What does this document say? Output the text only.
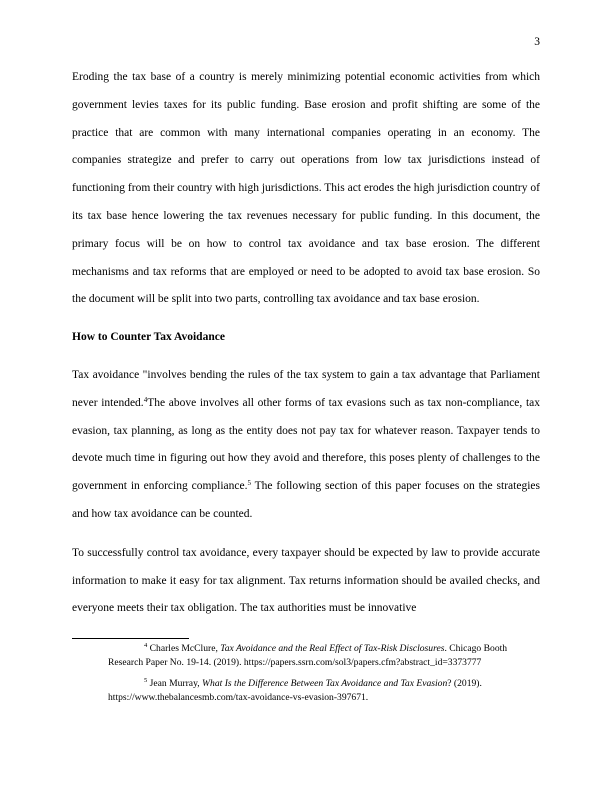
3

Eroding the tax base of a country is merely minimizing potential economic activities from which government levies taxes for its public funding. Base erosion and profit shifting are some of the practice that are common with many international companies operating in an economy. The companies strategize and prefer to carry out operations from low tax jurisdictions instead of functioning from their country with high jurisdictions. This act erodes the high jurisdiction country of its tax base hence lowering the tax revenues necessary for public funding. In this document, the primary focus will be on how to control tax avoidance and tax base erosion. The different mechanisms and tax reforms that are employed or need to be adopted to avoid tax base erosion. So the document will be split into two parts, controlling tax avoidance and tax base erosion.

How to Counter Tax Avoidance

Tax avoidance "involves bending the rules of the tax system to gain a tax advantage that Parliament never intended.$^4$The above involves all other forms of tax evasions such as tax non-compliance, tax evasion, tax planning, as long as the entity does not pay tax for whatever reason. Taxpayer tends to devote much time in figuring out how they avoid and therefore, this poses plenty of challenges to the government in enforcing compliance.$^5$ The following section of this paper focuses on the strategies and how tax avoidance can be counted.

To successfully control tax avoidance, every taxpayer should be expected by law to provide accurate information to make it easy for tax alignment. Tax returns information should be availed checks, and everyone meets their tax obligation. The tax authorities must be innovative

$^4$ Charles McClure, Tax Avoidance and the Real Effect of Tax-Risk Disclosures. Chicago Booth Research Paper No. 19-14. (2019). https://papers.ssrn.com/sol3/papers.cfm?abstract_id=3373777

$^5$ Jean Murray, What Is the Difference Between Tax Avoidance and Tax Evasion? (2019). https://www.thebalancesmb.com/tax-avoidance-vs-evasion-397671.
